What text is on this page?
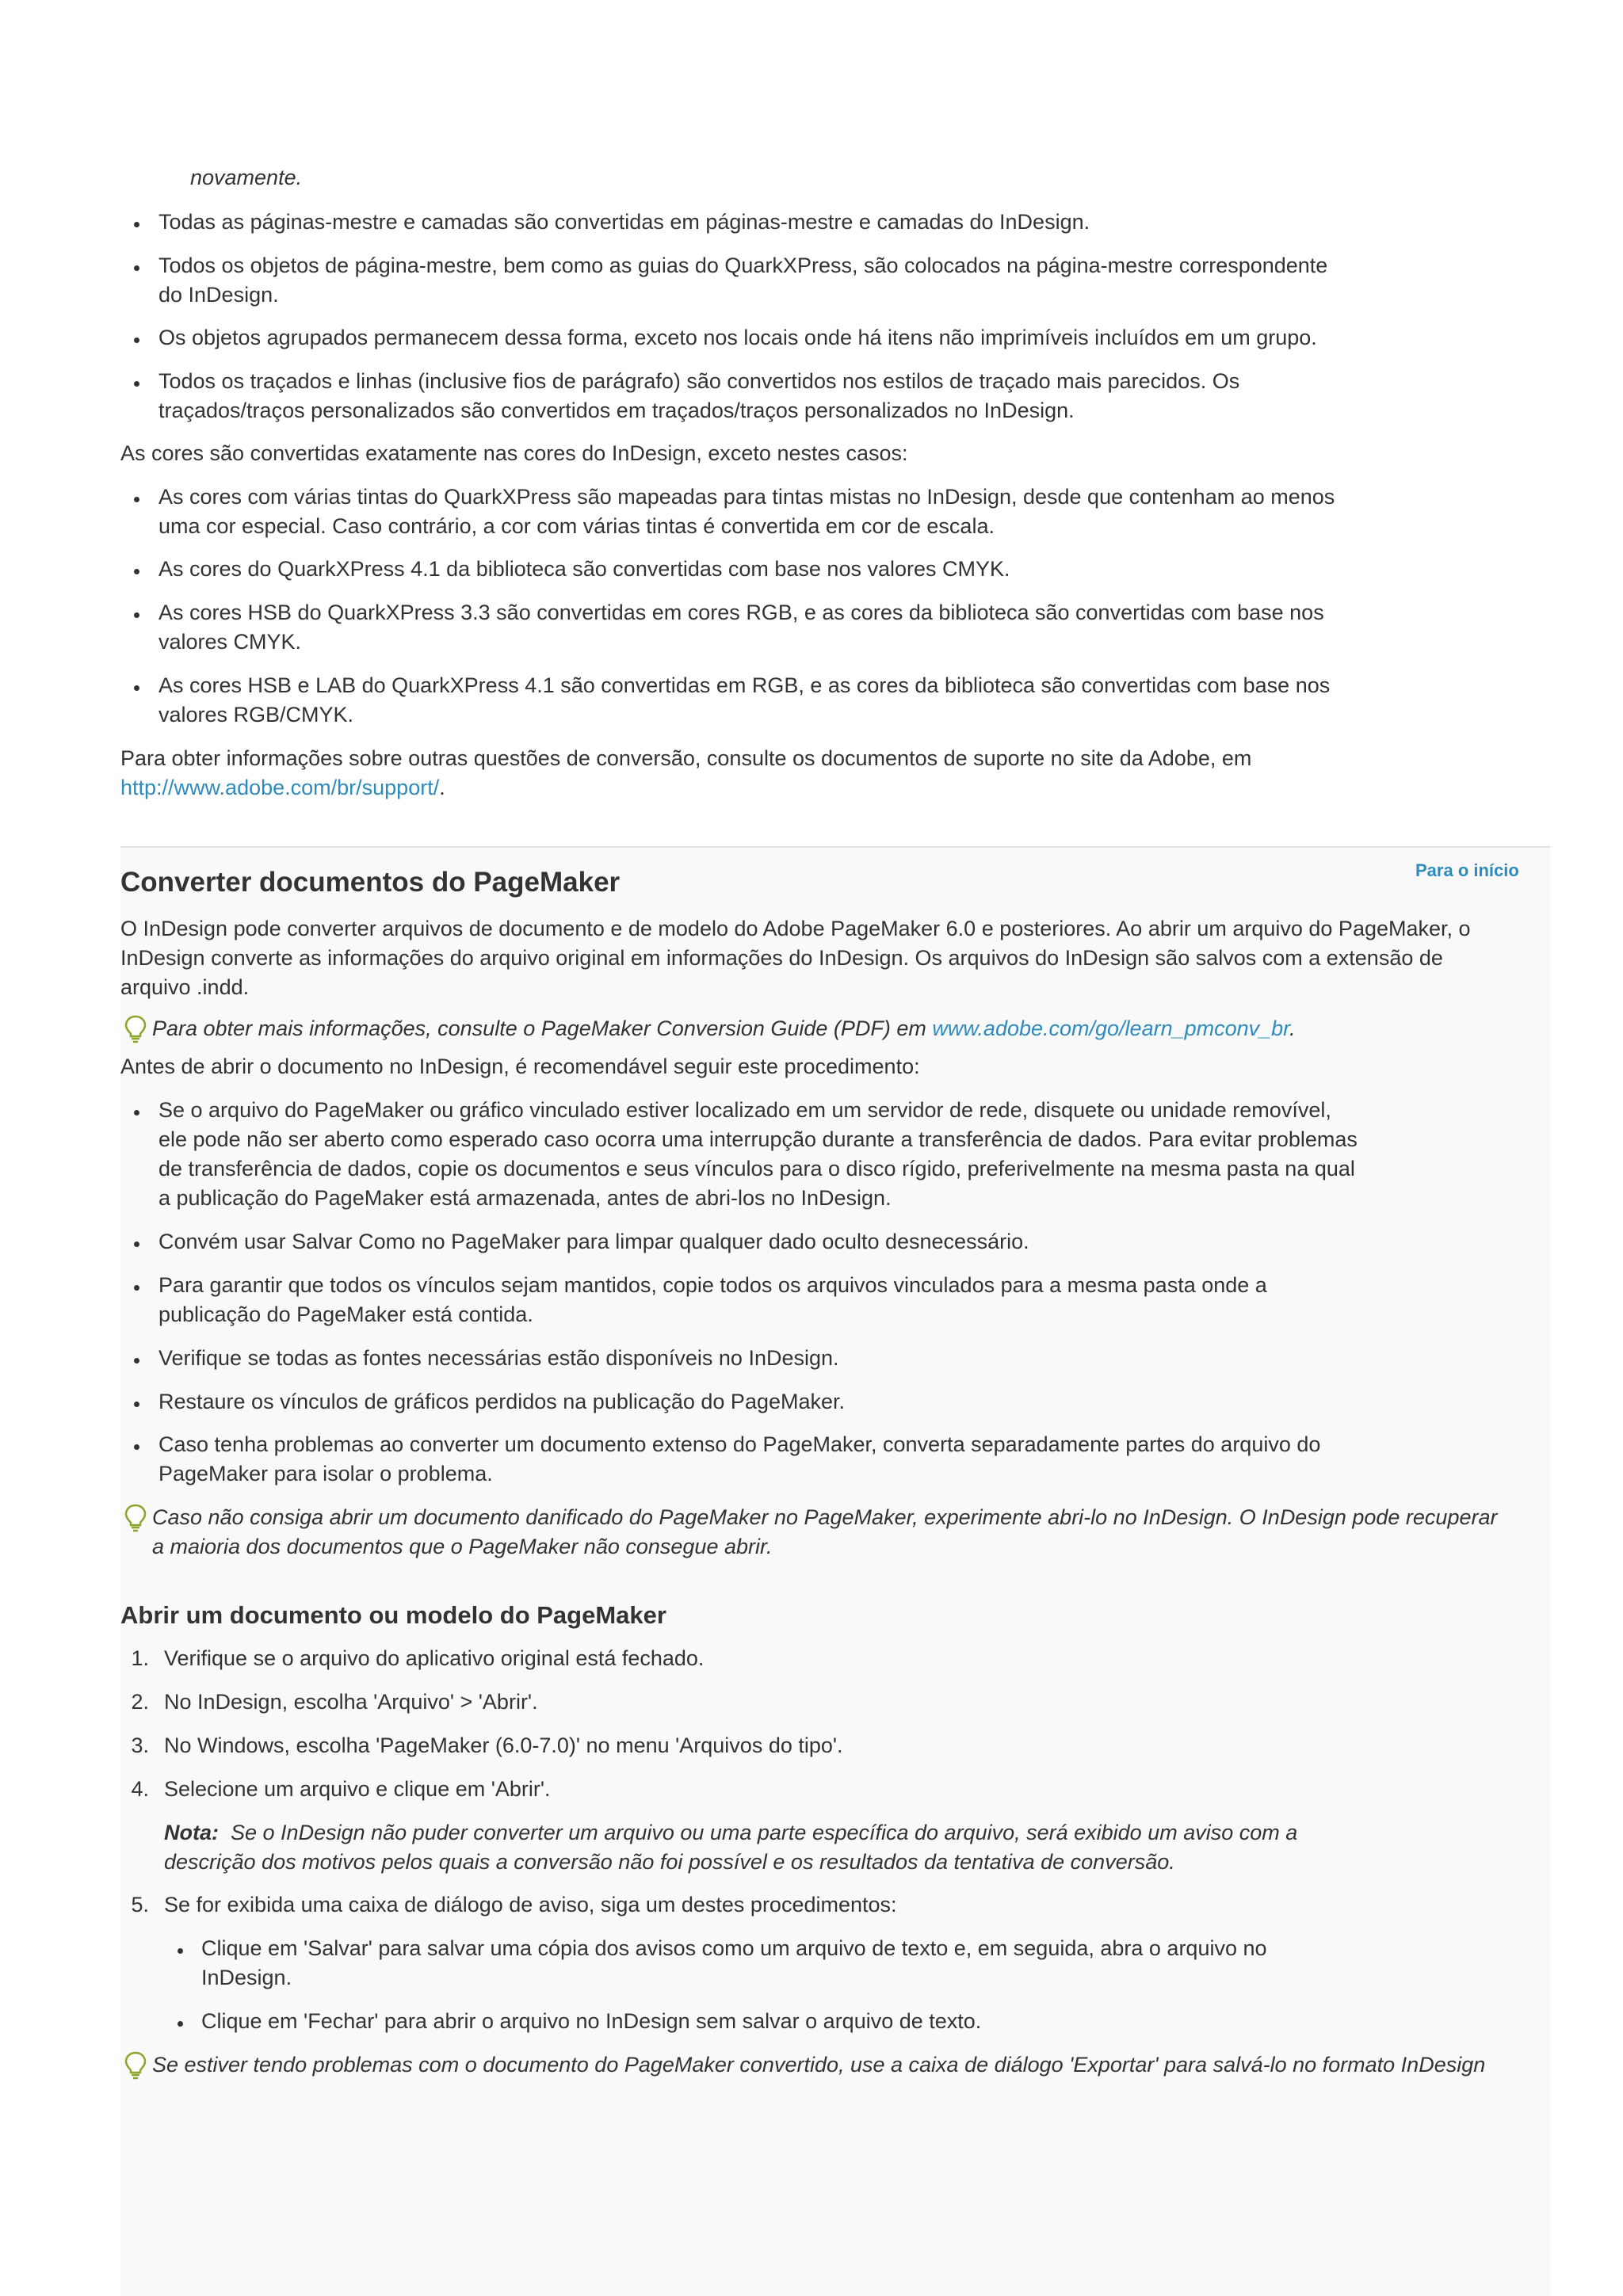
novamente.
Todas as páginas-mestre e camadas são convertidas em páginas-mestre e camadas do InDesign.
Todos os objetos de página-mestre, bem como as guias do QuarkXPress, são colocados na página-mestre correspondente
do InDesign.
Os objetos agrupados permanecem dessa forma, exceto nos locais onde há itens não imprimíveis incluídos em um grupo.
Todos os traçados e linhas (inclusive fios de parágrafo) são convertidos nos estilos de traçado mais parecidos. Os
traçados/traços personalizados são convertidos em traçados/traços personalizados no InDesign.
As cores são convertidas exatamente nas cores do InDesign, exceto nestes casos:
As cores com várias tintas do QuarkXPress são mapeadas para tintas mistas no InDesign, desde que contenham ao menos
uma cor especial. Caso contrário, a cor com várias tintas é convertida em cor de escala.
As cores do QuarkXPress 4.1 da biblioteca são convertidas com base nos valores CMYK.
As cores HSB do QuarkXPress 3.3 são convertidas em cores RGB, e as cores da biblioteca são convertidas com base nos
valores CMYK.
As cores HSB e LAB do QuarkXPress 4.1 são convertidas em RGB, e as cores da biblioteca são convertidas com base nos
valores RGB/CMYK.
Para obter informações sobre outras questões de conversão, consulte os documentos de suporte no site da Adobe, em
http://www.adobe.com/br/support/.
Para o início
Converter documentos do PageMaker
O InDesign pode converter arquivos de documento e de modelo do Adobe PageMaker 6.0 e posteriores. Ao abrir um arquivo do PageMaker, o
InDesign converte as informações do arquivo original em informações do InDesign. Os arquivos do InDesign são salvos com a extensão de
arquivo .indd.
Para obter mais informações, consulte o PageMaker Conversion Guide (PDF) em www.adobe.com/go/learn_pmconv_br.
Antes de abrir o documento no InDesign, é recomendável seguir este procedimento:
Se o arquivo do PageMaker ou gráfico vinculado estiver localizado em um servidor de rede, disquete ou unidade removível,
ele pode não ser aberto como esperado caso ocorra uma interrupção durante a transferência de dados. Para evitar problemas
de transferência de dados, copie os documentos e seus vínculos para o disco rígido, preferivelmente na mesma pasta na qual
a publicação do PageMaker está armazenada, antes de abri-los no InDesign.
Convém usar Salvar Como no PageMaker para limpar qualquer dado oculto desnecessário.
Para garantir que todos os vínculos sejam mantidos, copie todos os arquivos vinculados para a mesma pasta onde a
publicação do PageMaker está contida.
Verifique se todas as fontes necessárias estão disponíveis no InDesign.
Restaure os vínculos de gráficos perdidos na publicação do PageMaker.
Caso tenha problemas ao converter um documento extenso do PageMaker, converta separadamente partes do arquivo do
PageMaker para isolar o problema.
Caso não consiga abrir um documento danificado do PageMaker no PageMaker, experimente abri-lo no InDesign. O InDesign pode recuperar
a maioria dos documentos que o PageMaker não consegue abrir.
Abrir um documento ou modelo do PageMaker
1. Verifique se o arquivo do aplicativo original está fechado.
2. No InDesign, escolha 'Arquivo' > 'Abrir'.
3. No Windows, escolha 'PageMaker (6.0-7.0)' no menu 'Arquivos do tipo'.
4. Selecione um arquivo e clique em 'Abrir'.
Nota: Se o InDesign não puder converter um arquivo ou uma parte específica do arquivo, será exibido um aviso com a
descrição dos motivos pelos quais a conversão não foi possível e os resultados da tentativa de conversão.
5. Se for exibida uma caixa de diálogo de aviso, siga um destes procedimentos:
Clique em 'Salvar' para salvar uma cópia dos avisos como um arquivo de texto e, em seguida, abra o arquivo no
InDesign.
Clique em 'Fechar' para abrir o arquivo no InDesign sem salvar o arquivo de texto.
Se estiver tendo problemas com o documento do PageMaker convertido, use a caixa de diálogo 'Exportar' para salvá-lo no formato InDesign
